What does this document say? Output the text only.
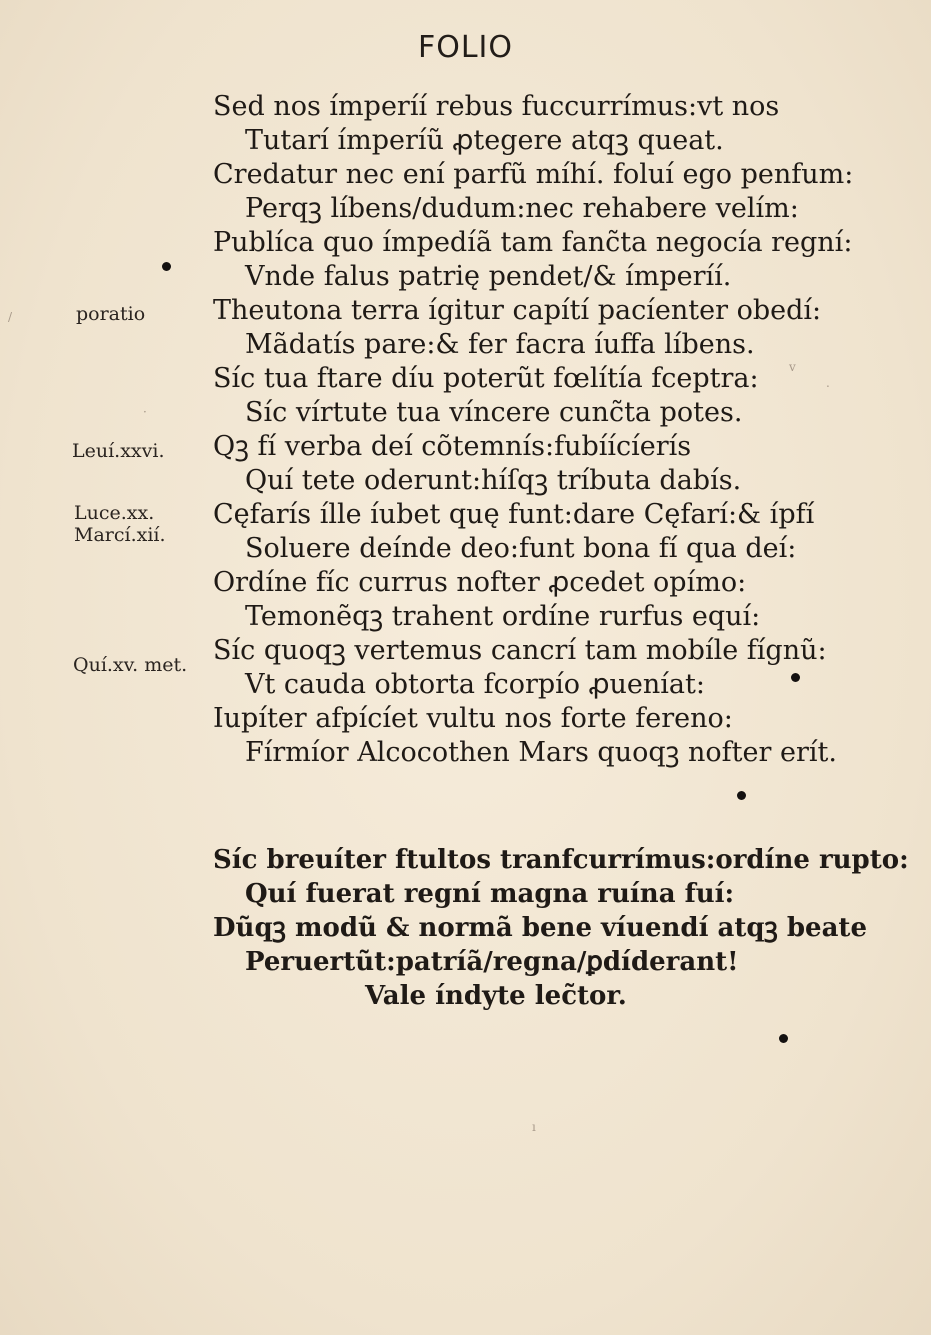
FOLIO
poratio
Leuí.xxvi.
Luce.xx.
Marcí.xií.
Quí.xv. met.
Sed nos ímperíí rebus fuccurrímus:vt nos
Tutarí ímperíũ ꝓtegere atqꝫ queat.
Credatur nec ení parfũ míhí. foluí ego penfum:
Perqꝫ líbens/dudum:nec rehabere velím:
Publíca quo ímpedíã tam fanc̃ta negocía regní:
Vnde falus patrię pendet/& ímperíí.
Theutona terra ígitur capítí pacíenter obedí:
Mãdatís pare:& fer facra íuffa líbens.
Síc tua ftare díu poterũt fœlítía fceptra:
Síc vírtute tua víncere cunc̃ta potes.
Qꝫ fí verba deí cõtemnís:fubíícíerís
Quí tete oderunt:híſqꝫ tríbuta dabís.
Cęfarís ílle íubet quę funt:dare Cęfarí:& ípfí
Soluere deínde deo:funt bona fí qua deí:
Ordíne fíc currus nofter ꝓcedet opímo:
Temonẽqꝫ trahent ordíne rurfus equí:
Síc quoqꝫ vertemus cancrí tam mobíle fígnũ:
Vt cauda obtorta fcorpío ꝓueníat:
Iupíter afpícíet vultu nos forte fereno:
Fírmíor Alcocothen Mars quoqꝫ nofter erít.
Síc breuíter ftultos tranfcurrímus:ordíne rupto:
Quí fuerat regní magna ruína fuí:
Dũqꝫ modũ & normã bene víuendí atqꝫ beate
Peruertũt:patríã/regna/ꝑdíderant!
Vale índyte lec̃tor.
/
v
.
·
ı
